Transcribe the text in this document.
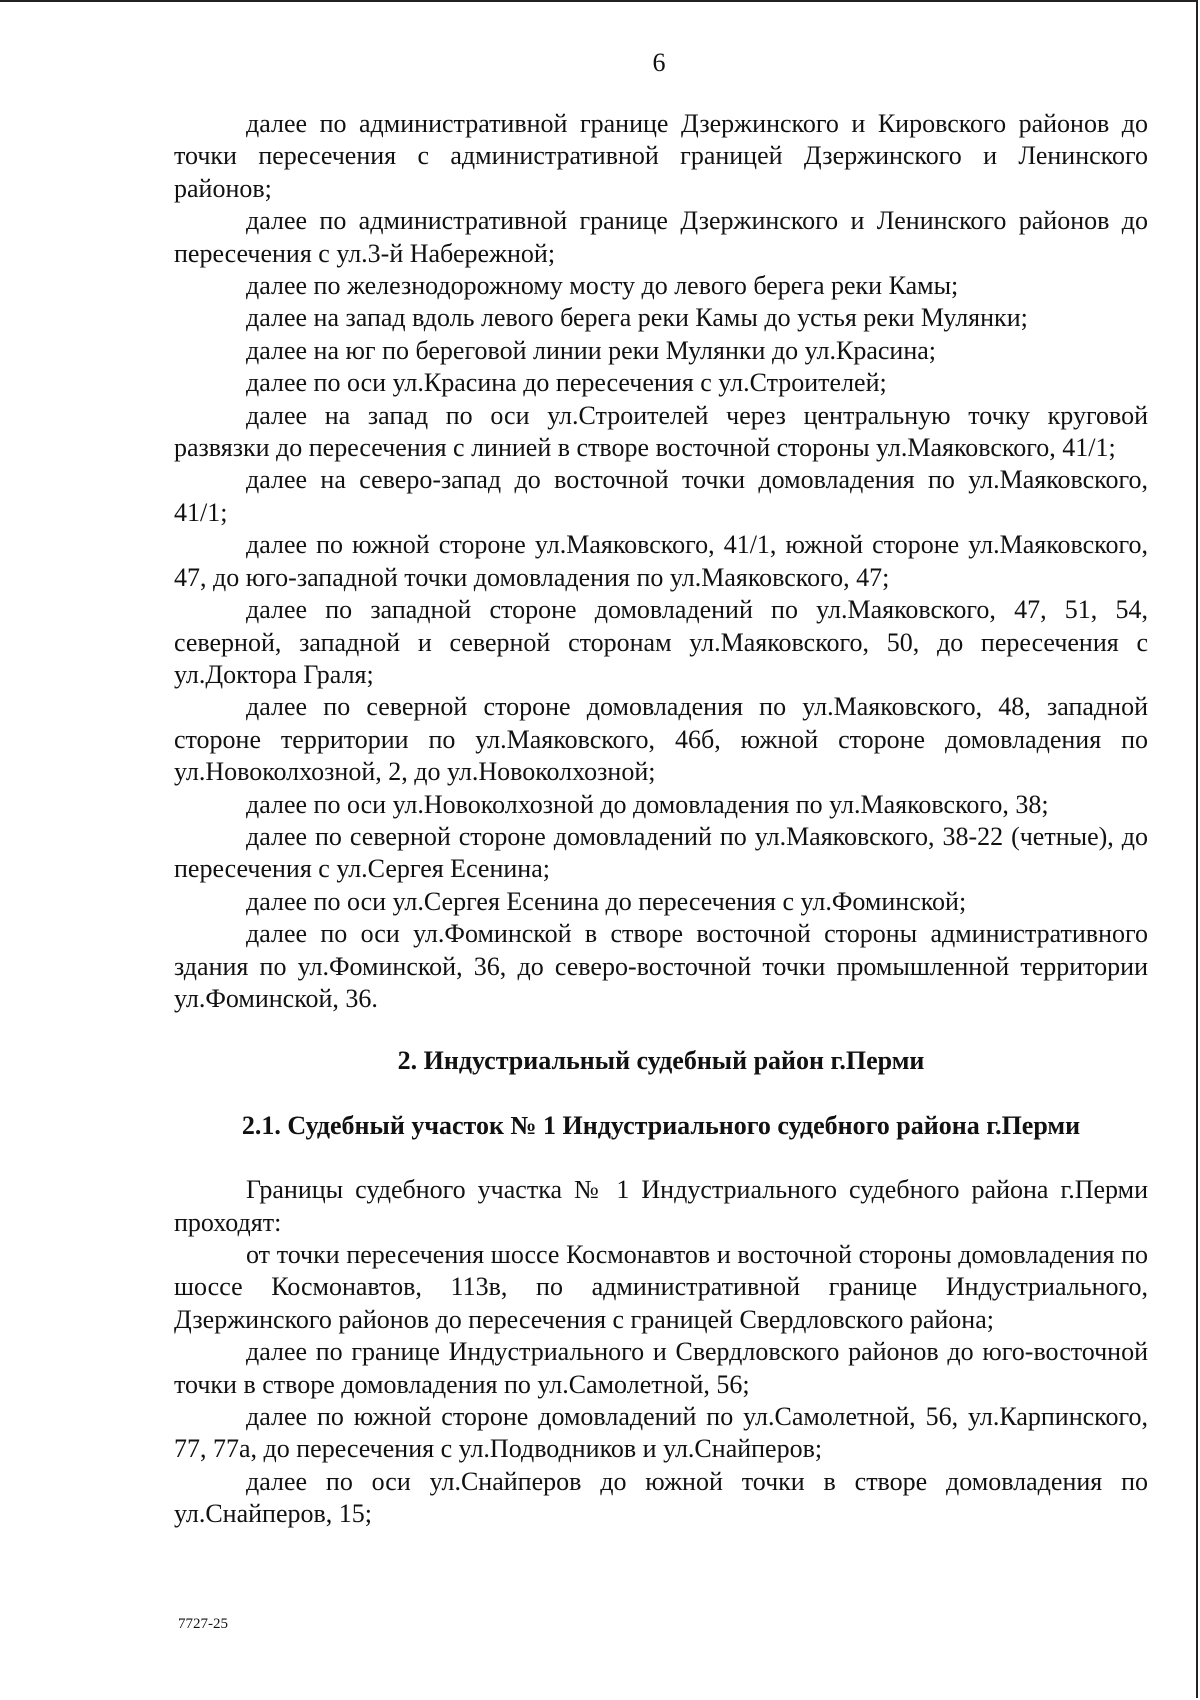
6

далее по административной границе Дзержинского и Кировского районов до точки пересечения с административной границей Дзержинского и Ленинского районов;

далее по административной границе Дзержинского и Ленинского районов до пересечения с ул.3-й Набережной;

далее по железнодорожному мосту до левого берега реки Камы;

далее на запад вдоль левого берега реки Камы до устья реки Мулянки;

далее на юг по береговой линии реки Мулянки до ул.Красина;

далее по оси ул.Красина до пересечения с ул.Строителей;

далее на запад по оси ул.Строителей через центральную точку круговой развязки до пересечения с линией в створе восточной стороны ул.Маяковского, 41/1;

далее на северо-запад до восточной точки домовладения по ул.Маяковского, 41/1;

далее по южной стороне ул.Маяковского, 41/1, южной стороне ул.Маяковского, 47, до юго-западной точки домовладения по ул.Маяковского, 47;

далее по западной стороне домовладений по ул.Маяковского, 47, 51, 54, северной, западной и северной сторонам ул.Маяковского, 50, до пересечения с ул.Доктора Граля;

далее по северной стороне домовладения по ул.Маяковского, 48, западной стороне территории по ул.Маяковского, 46б, южной стороне домовладения по ул.Новоколхозной, 2, до ул.Новоколхозной;

далее по оси ул.Новоколхозной до домовладения по ул.Маяковского, 38;

далее по северной стороне домовладений по ул.Маяковского, 38-22 (четные), до пересечения с ул.Сергея Есенина;

далее по оси ул.Сергея Есенина до пересечения с ул.Фоминской;

далее по оси ул.Фоминской в створе восточной стороны административного здания по ул.Фоминской, 36, до северо-восточной точки промышленной территории ул.Фоминской, 36.

2. Индустриальный судебный район г.Перми
2.1. Судебный участок № 1 Индустриального судебного района г.Перми

Границы судебного участка № 1 Индустриального судебного района г.Перми проходят:

от точки пересечения шоссе Космонавтов и восточной стороны домовладения по шоссе Космонавтов, 113в, по административной границе Индустриального, Дзержинского районов до пересечения с границей Свердловского района;

далее по границе Индустриального и Свердловского районов до юго-восточной точки в створе домовладения по ул.Самолетной, 56;

далее по южной стороне домовладений по ул.Самолетной, 56, ул.Карпинского, 77, 77а, до пересечения с ул.Подводников и ул.Снайперов;

далее по оси ул.Снайперов до южной точки в створе домовладения по ул.Снайперов, 15;

7727-25
